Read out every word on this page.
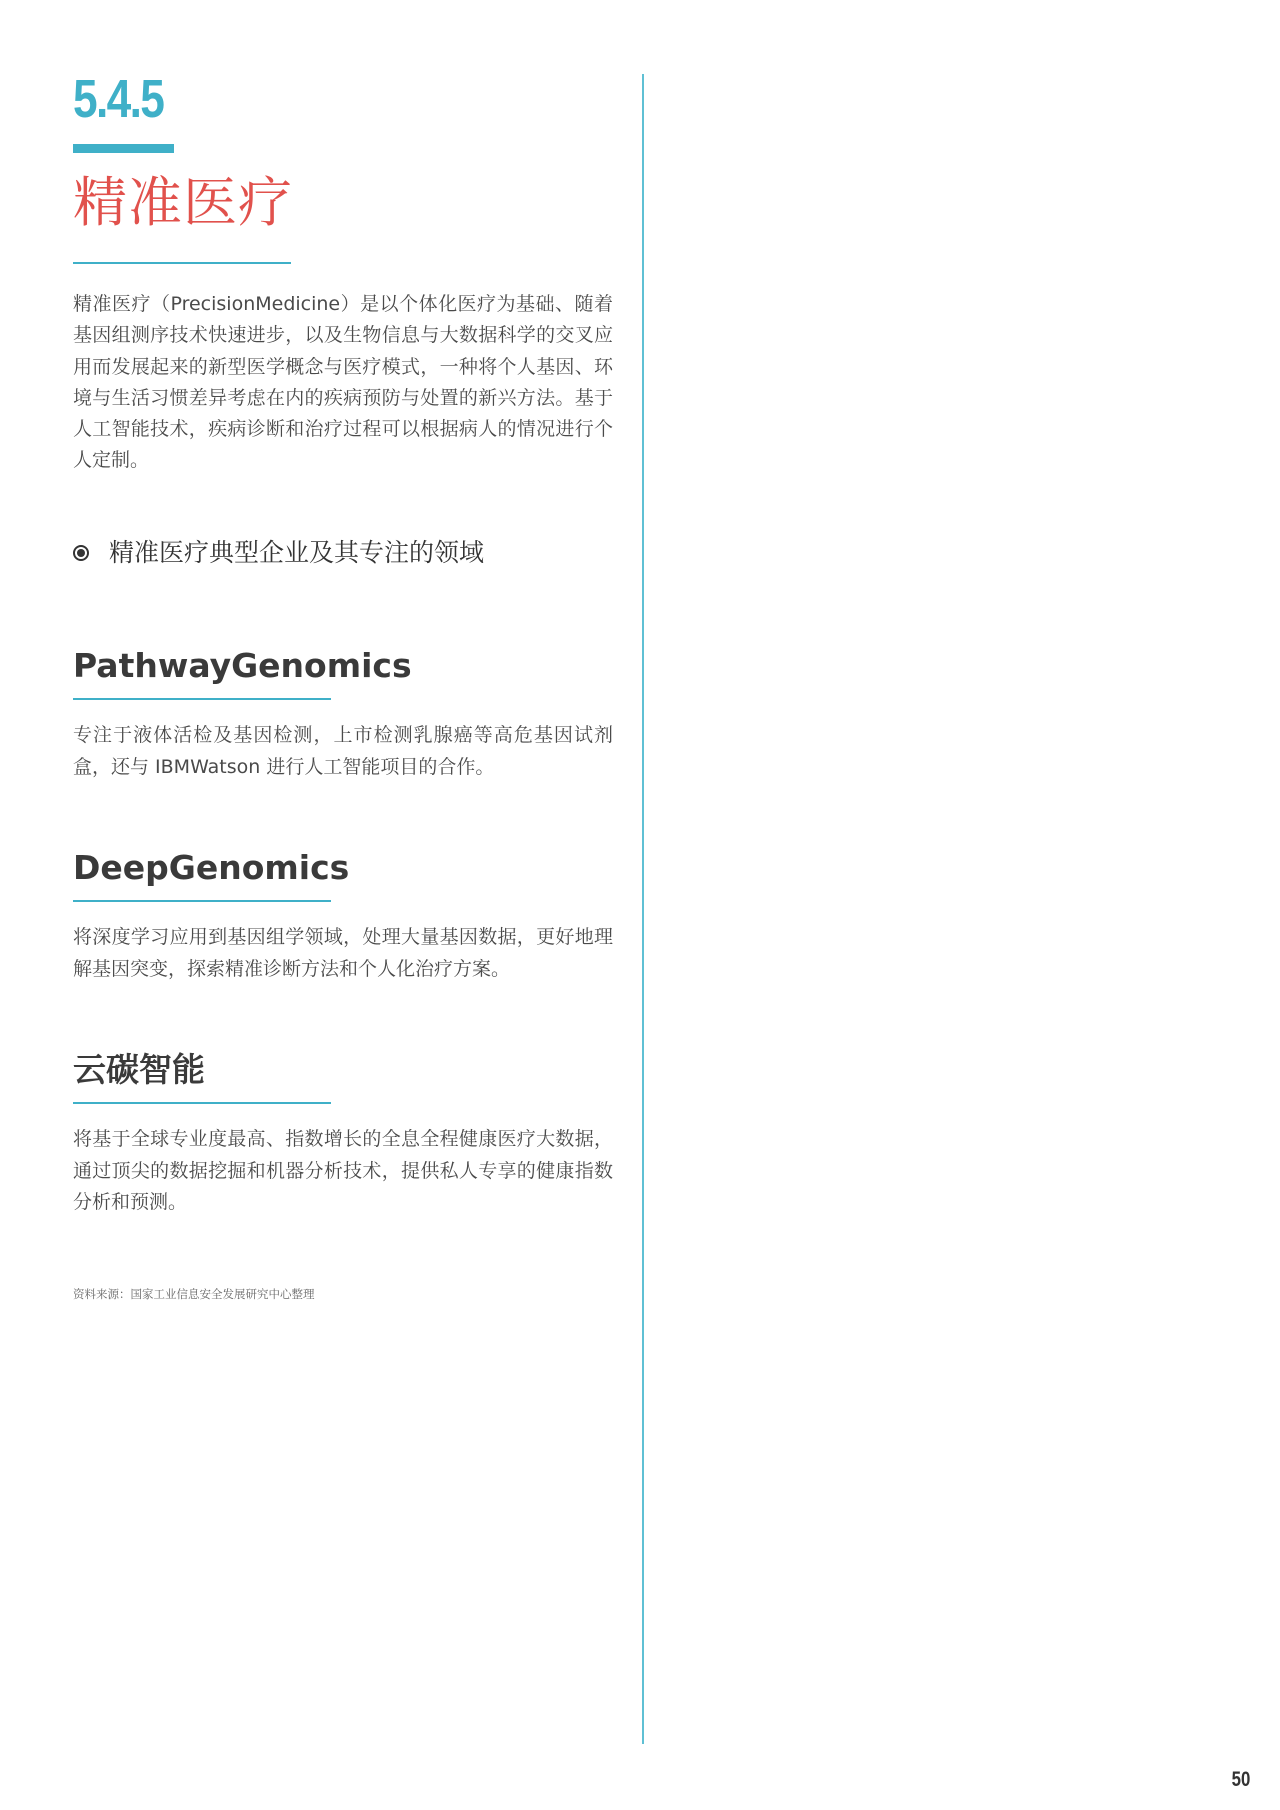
5.4.5
精准医疗

精准医疗（PrecisionMedicine）是以个体化医疗为基础、随着基因组测序技术快速进步，以及生物信息与大数据科学的交叉应用而发展起来的新型医学概念与医疗模式，一种将个人基因、环境与生活习惯差异考虑在内的疾病预防与处置的新兴方法。基于人工智能技术，疾病诊断和治疗过程可以根据病人的情况进行个人定制。

精准医疗典型企业及其专注的领域
PathwayGenomics

专注于液体活检及基因检测，上市检测乳腺癌等高危基因试剂盒，还与 IBMWatson 进行人工智能项目的合作。

DeepGenomics

将深度学习应用到基因组学领域，处理大量基因数据，更好地理解基因突变，探索精准诊断方法和个人化治疗方案。

云碳智能

将基于全球专业度最高、指数增长的全息全程健康医疗大数据，通过顶尖的数据挖掘和机器分析技术，提供私人专享的健康指数分析和预测。

资料来源：国家工业信息安全发展研究中心整理
50
